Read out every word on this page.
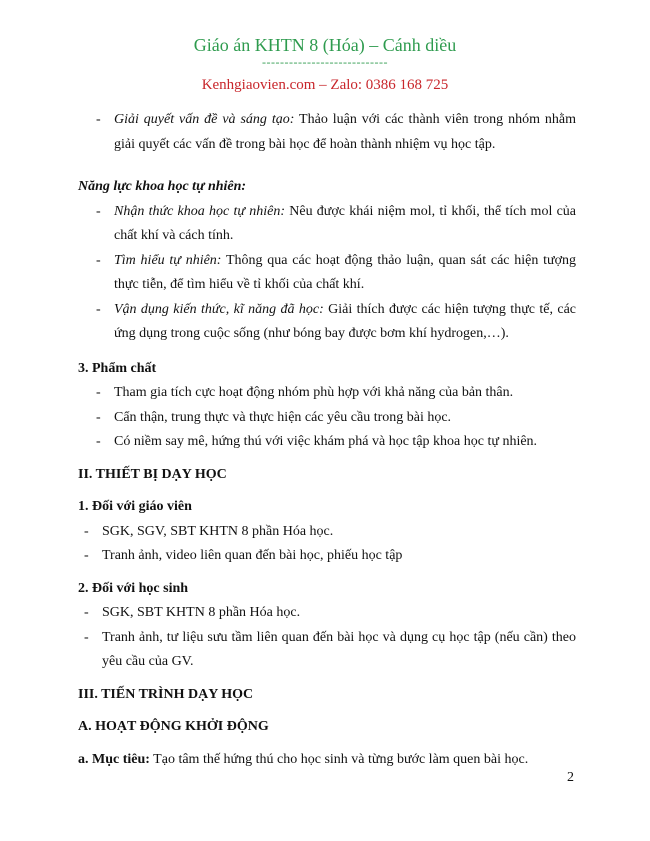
Giáo án KHTN 8 (Hóa) – Cánh diều
----------------------------
Kenhgiaovien.com – Zalo: 0386 168 725
- Giải quyết vấn đề và sáng tạo: Thảo luận với các thành viên trong nhóm nhằm giải quyết các vấn đề trong bài học để hoàn thành nhiệm vụ học tập.
Năng lực khoa học tự nhiên:
- Nhận thức khoa học tự nhiên: Nêu được khái niệm mol, tỉ khối, thể tích mol của chất khí và cách tính.
- Tìm hiểu tự nhiên: Thông qua các hoạt động thảo luận, quan sát các hiện tượng thực tiễn, để tìm hiểu về tỉ khối của chất khí.
- Vận dụng kiến thức, kĩ năng đã học: Giải thích được các hiện tượng thực tế, các ứng dụng trong cuộc sống (như bóng bay được bơm khí hydrogen,…).
3. Phẩm chất
- Tham gia tích cực hoạt động nhóm phù hợp với khả năng của bản thân.
- Cẩn thận, trung thực và thực hiện các yêu cầu trong bài học.
- Có niềm say mê, hứng thú với việc khám phá và học tập khoa học tự nhiên.
II. THIẾT BỊ DẠY HỌC
1. Đối với giáo viên
- SGK, SGV, SBT KHTN 8 phần Hóa học.
- Tranh ảnh, video liên quan đến bài học, phiếu học tập
2. Đối với học sinh
- SGK, SBT KHTN 8 phần Hóa học.
- Tranh ảnh, tư liệu sưu tầm liên quan đến bài học và dụng cụ học tập (nếu cần) theo yêu cầu của GV.
III. TIẾN TRÌNH DẠY HỌC
A. HOẠT ĐỘNG KHỞI ĐỘNG
a. Mục tiêu: Tạo tâm thế hứng thú cho học sinh và từng bước làm quen bài học.
2
